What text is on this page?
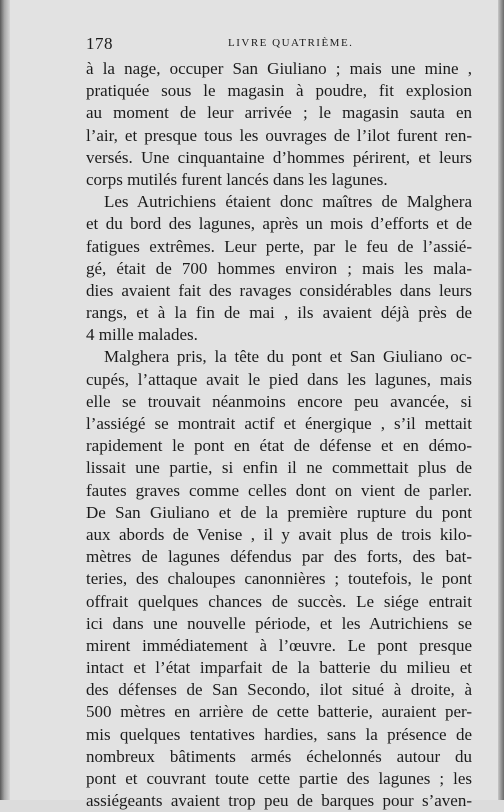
178	LIVRE QUATRIÈME.
à la nage, occuper San Giuliano ; mais une mine ,
pratiquée sous le magasin à poudre, fit explosion
au moment de leur arrivée ; le magasin sauta en
l’air, et presque tous les ouvrages de l’ilot furent ren-
versés. Une cinquantaine d’hommes périrent, et leurs
corps mutilés furent lancés dans les lagunes.
Les Autrichiens étaient donc maîtres de Malghera
et du bord des lagunes, après un mois d’efforts et de
fatigues extrêmes. Leur perte, par le feu de l’assié-
gé, était de 700 hommes environ ; mais les mala-
dies avaient fait des ravages considérables dans leurs
rangs, et à la fin de mai , ils avaient déjà près de
4 mille malades.
Malghera pris, la tête du pont et San Giuliano oc-
cupés, l’attaque avait le pied dans les lagunes, mais
elle se trouvait néanmoins encore peu avancée, si
l’assiégé se montrait actif et énergique , s’il mettait
rapidement le pont en état de défense et en démo-
lissait une partie, si enfin il ne commettait plus de
fautes graves comme celles dont on vient de parler.
De San Giuliano et de la première rupture du pont
aux abords de Venise , il y avait plus de trois kilo-
mètres de lagunes défendus par des forts, des bat-
teries, des chaloupes canonnières ; toutefois, le pont
offrait quelques chances de succès. Le siége entrait
ici dans une nouvelle période, et les Autrichiens se
mirent immédiatement à l’œuvre. Le pont presque
intact et l’état imparfait de la batterie du milieu et
des défenses de San Secondo, ilot situé à droite, à
500 mètres en arrière de cette batterie, auraient per-
mis quelques tentatives hardies, sans la présence de
nombreux bâtiments armés échelonnés autour du
pont et couvrant toute cette partie des lagunes ; les
assiégeants avaient trop peu de barques pour s’aven-
